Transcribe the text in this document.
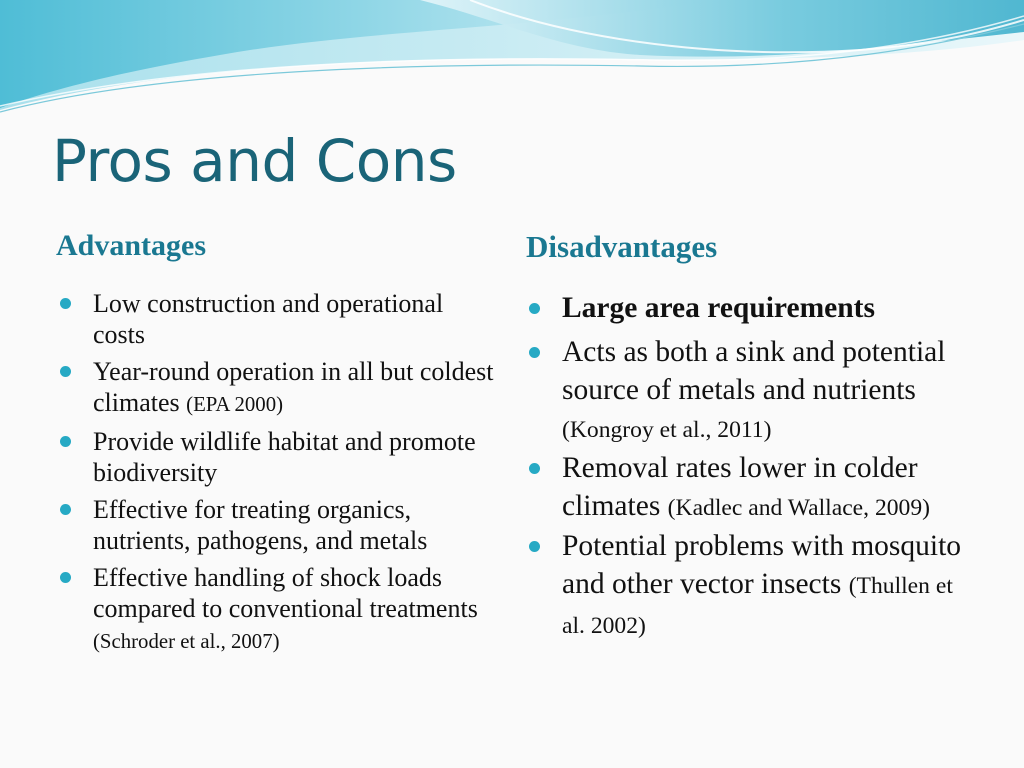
Pros and Cons
Advantages
Low construction and operational costs
Year-round operation in all but coldest climates (EPA 2000)
Provide wildlife habitat and promote biodiversity
Effective for treating organics, nutrients, pathogens, and metals
Effective handling of shock loads compared to conventional treatments (Schroder et al., 2007)
Disadvantages
Large area requirements
Acts as both a sink and potential source of metals and nutrients (Kongroy et al., 2011)
Removal rates lower in colder climates (Kadlec and Wallace, 2009)
Potential problems with mosquito and other vector insects (Thullen et al. 2002)
